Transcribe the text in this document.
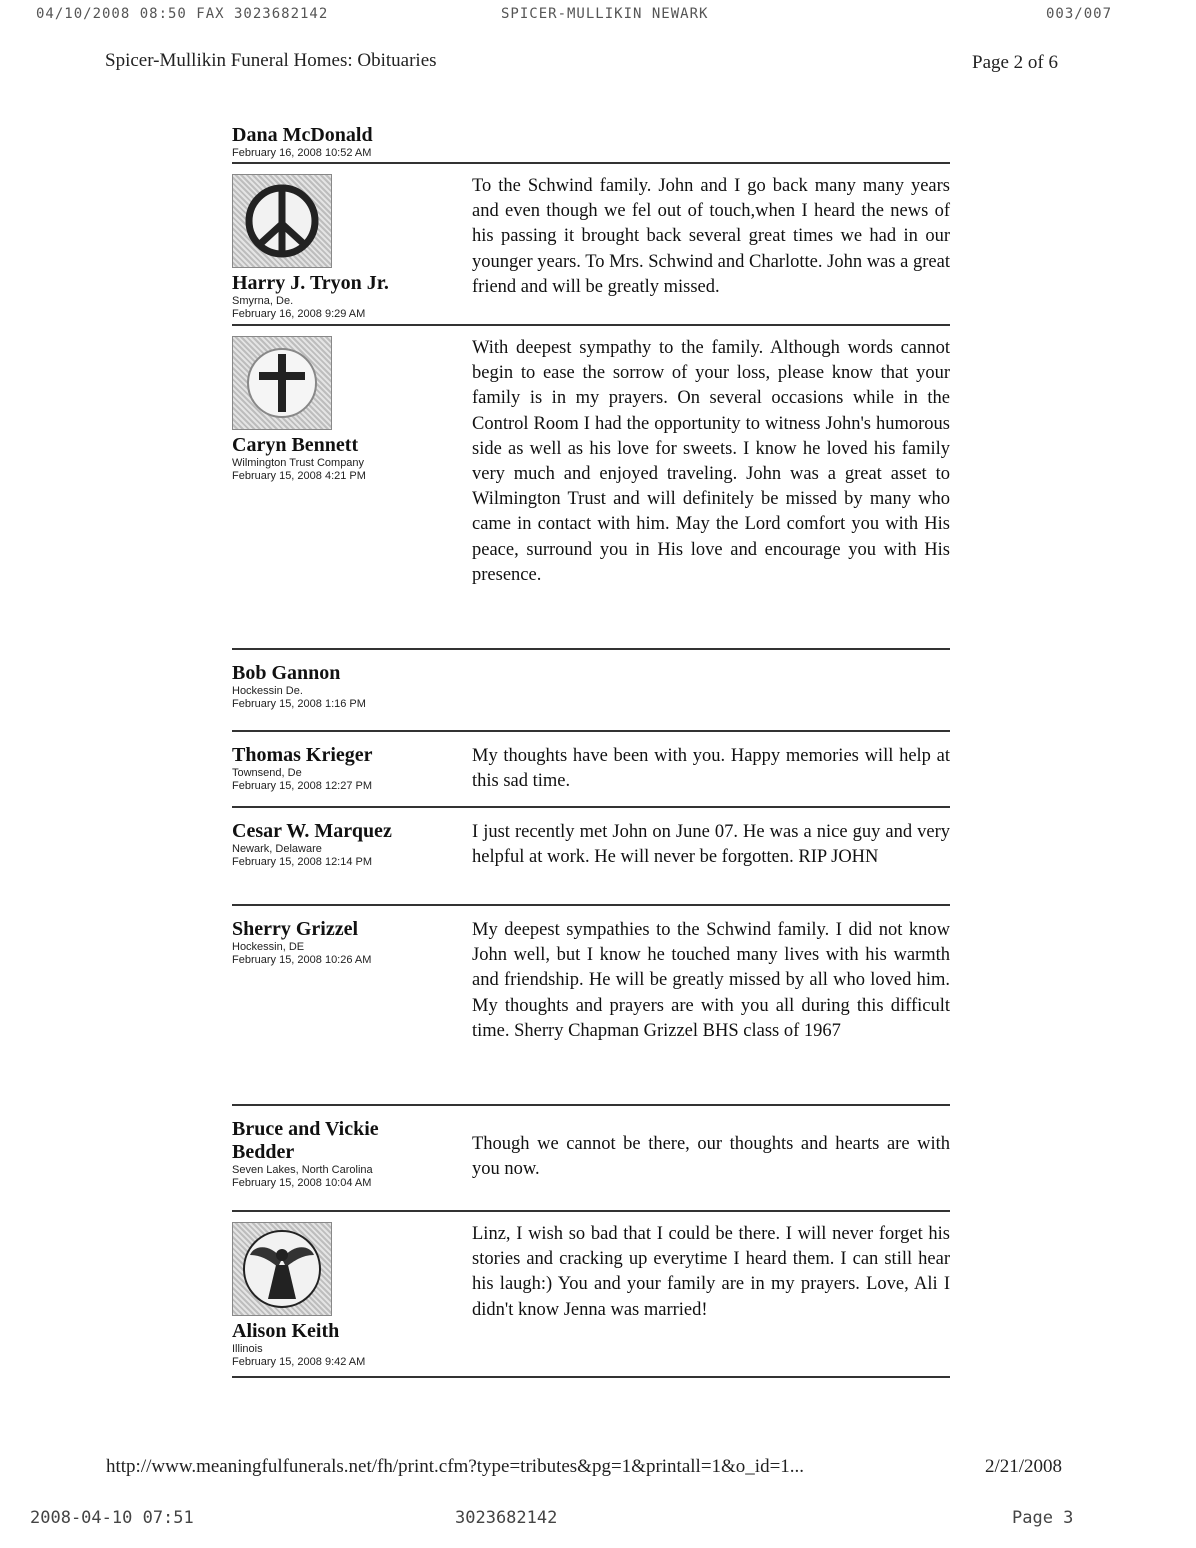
04/10/2008 08:50 FAX 3023682142	SPICER-MULLIKIN NEWARK	003/007
Spicer-Mullikin Funeral Homes: Obituaries	Page 2 of 6
Dana McDonald
February 16, 2008 10:52 AM
Harry J. Tryon Jr.
Smyrna, De.
February 16, 2008 9:29 AM
To the Schwind family. John and I go back many many years and even though we fel out of touch,when I heard the news of his passing it brought back several great times we had in our younger years. To Mrs. Schwind and Charlotte. John was a great friend and will be greatly missed.
Caryn Bennett
Wilmington Trust Company
February 15, 2008 4:21 PM
With deepest sympathy to the family. Although words cannot begin to ease the sorrow of your loss, please know that your family is in my prayers. On several occasions while in the Control Room I had the opportunity to witness John's humorous side as well as his love for sweets. I know he loved his family very much and enjoyed traveling. John was a great asset to Wilmington Trust and will definitely be missed by many who came in contact with him. May the Lord comfort you with His peace, surround you in His love and encourage you with His presence.
Bob Gannon
Hockessin De.
February 15, 2008 1:16 PM
Thomas Krieger
Townsend, De
February 15, 2008 12:27 PM
My thoughts have been with you. Happy memories will help at this sad time.
Cesar W. Marquez
Newark, Delaware
February 15, 2008 12:14 PM
I just recently met John on June 07. He was a nice guy and very helpful at work. He will never be forgotten. RIP JOHN
Sherry Grizzel
Hockessin, DE
February 15, 2008 10:26 AM
My deepest sympathies to the Schwind family. I did not know John well, but I know he touched many lives with his warmth and friendship. He will be greatly missed by all who loved him. My thoughts and prayers are with you all during this difficult time. Sherry Chapman Grizzel BHS class of 1967
Bruce and Vickie Bedder
Seven Lakes, North Carolina
February 15, 2008 10:04 AM
Though we cannot be there, our thoughts and hearts are with you now.
Alison Keith
Illinois
February 15, 2008 9:42 AM
Linz, I wish so bad that I could be there. I will never forget his stories and cracking up everytime I heard them. I can still hear his laugh:) You and your family are in my prayers. Love, Ali I didn't know Jenna was married!
http://www.meaningfulfunerals.net/fh/print.cfm?type=tributes&pg=1&printall=1&o_id=1...	2/21/2008
2008-04-10 07:51	3023682142	Page 3
